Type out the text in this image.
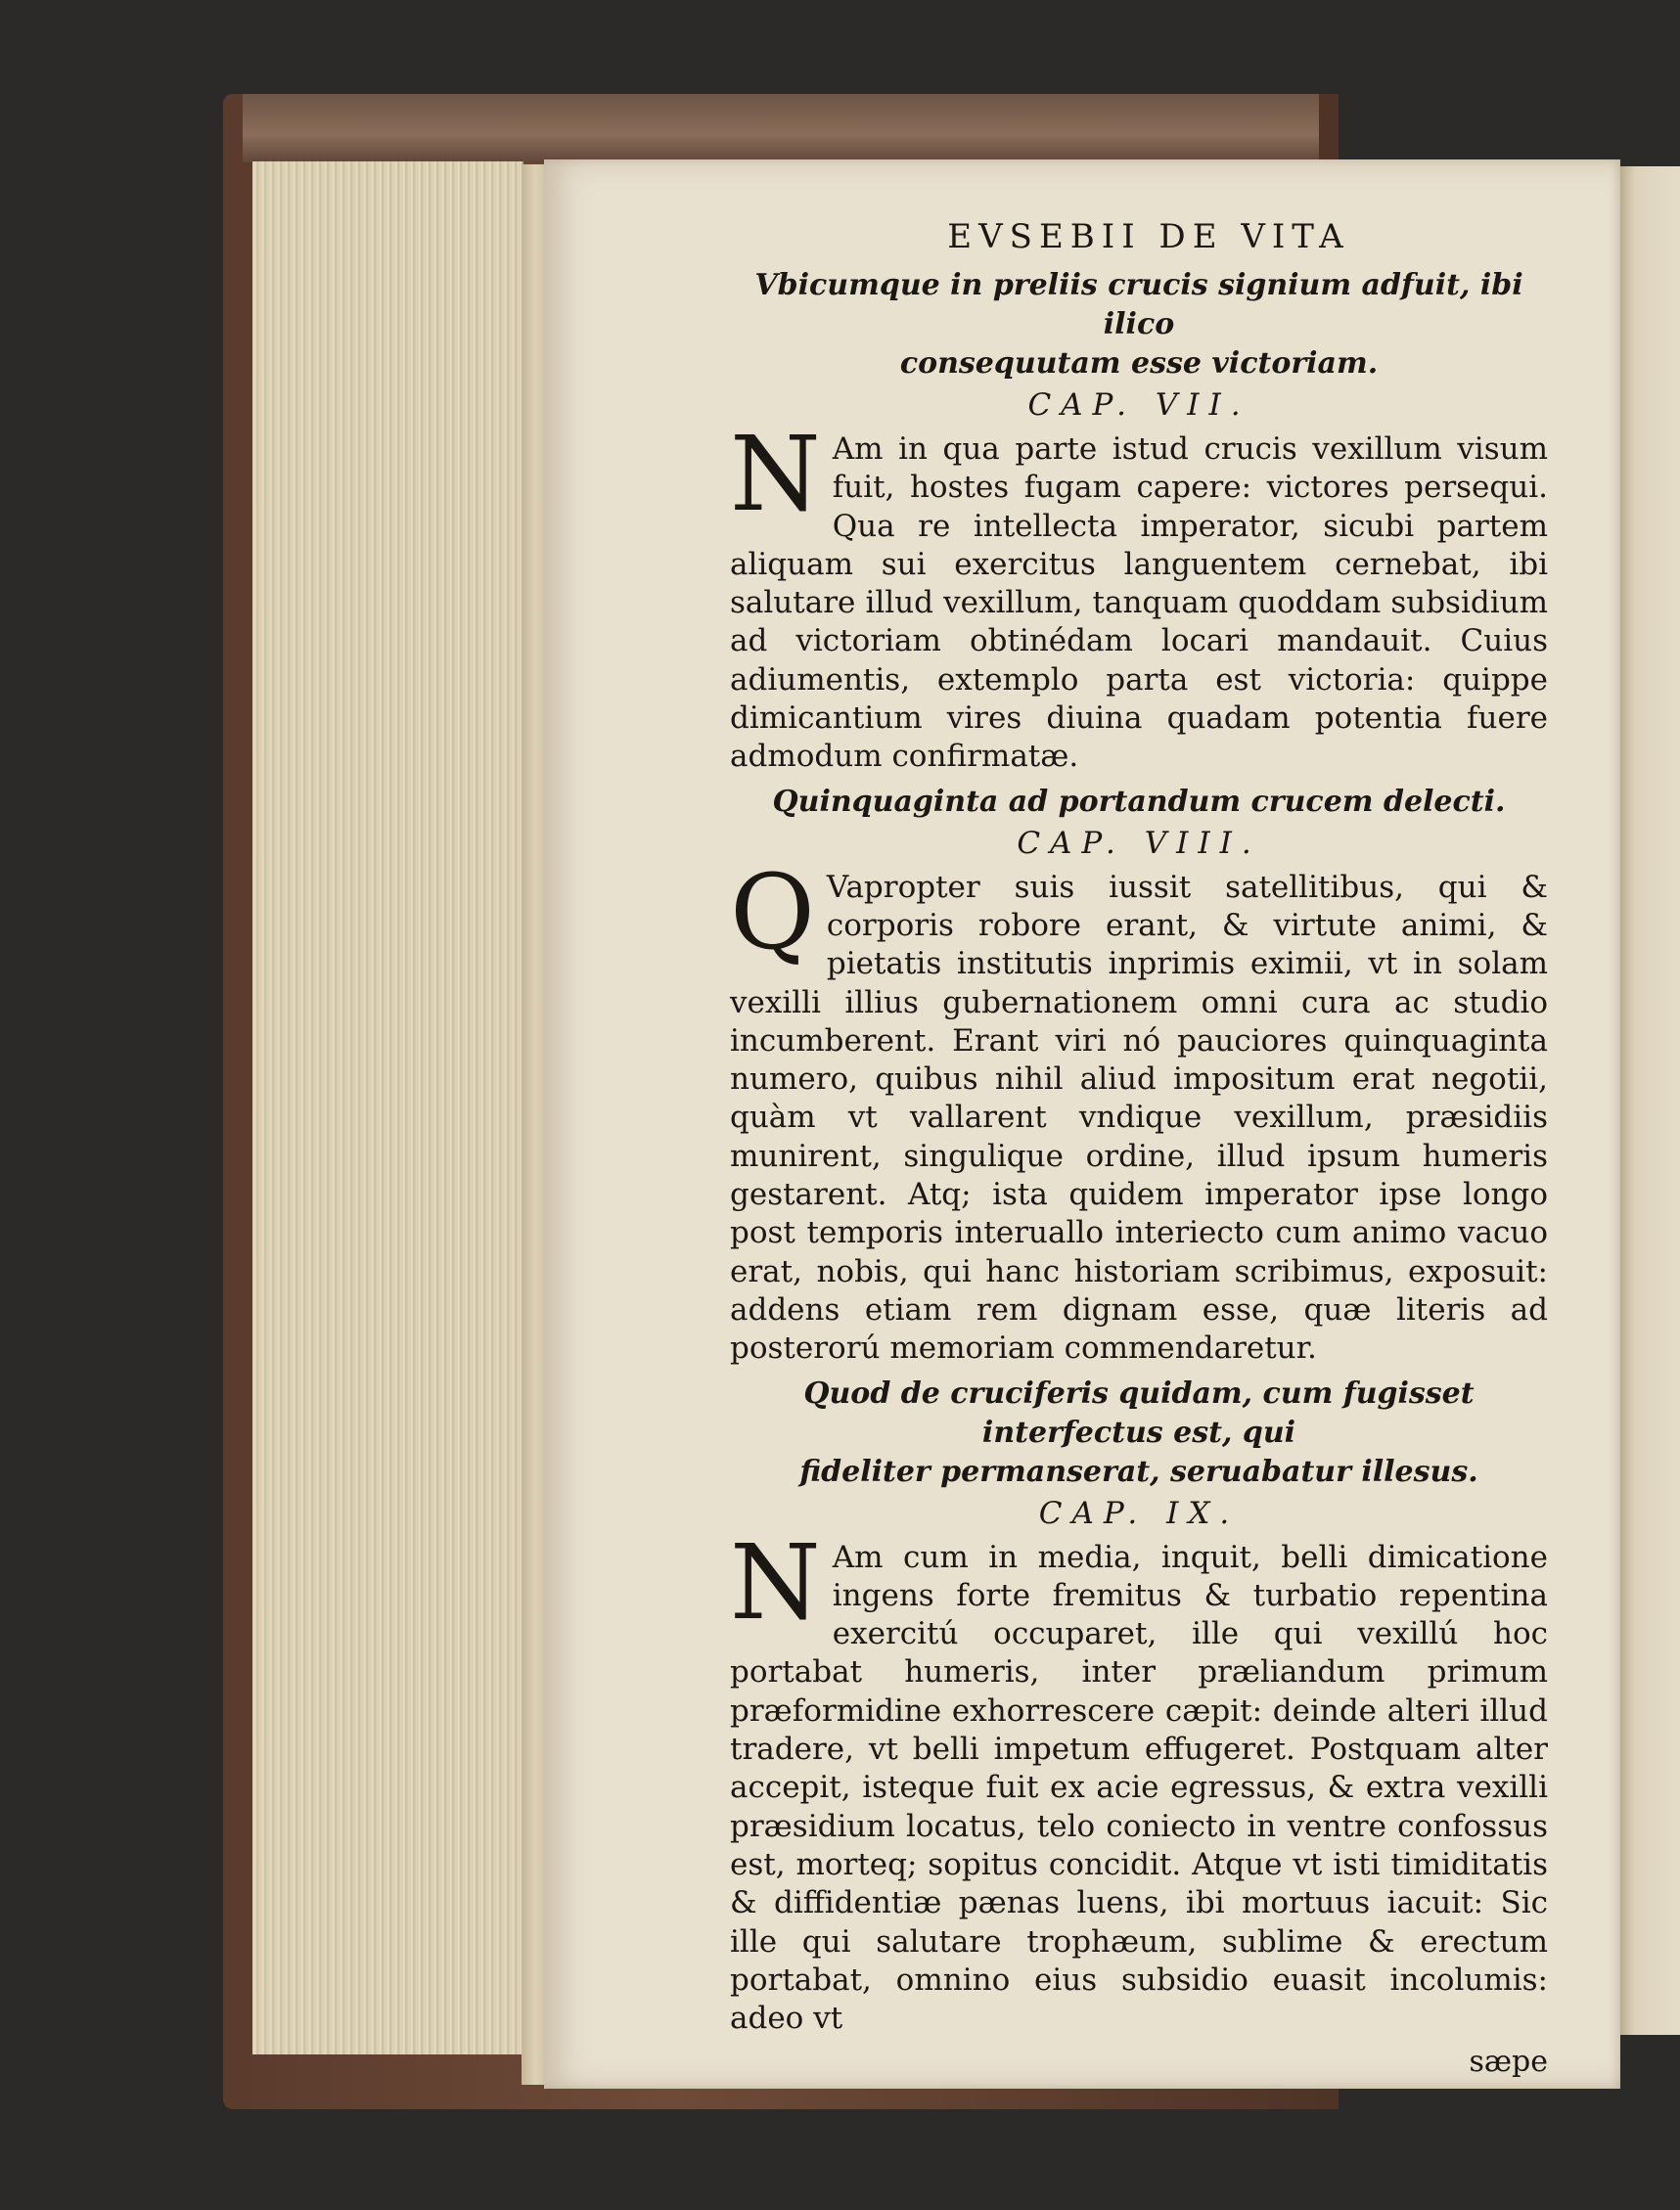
EVSEBII DE VITA

Vbicumque in preliis crucis signium adfuit, ibi ilico

consequutam esse victoriam.

CAP. VII.

N Am in qua parte istud crucis vexillum visum fuit, hostes fugam capere: victores persequi. Qua re intellecta imperator, sicubi partem aliquam sui exercitus languentem cernebat, ibi salutare illud vexillum, tanquam quoddam subsidium ad victoriam obtinédam locari mandauit. Cuius adiumentis, extemplo parta est victoria: quippe dimicantium vires diuina quadam potentia fuere admodum confirmatæ.

Quinquaginta ad portandum crucem delecti.

CAP. VIII.

Q Vapropter suis iussit satellitibus, qui & corporis robore erant, & virtute animi, & pietatis institutis inprimis eximii, vt in solam vexilli illius gubernationem omni cura ac studio incumberent. Erant viri nó pauciores quinquaginta numero, quibus nihil aliud impositum erat negotii, quàm vt vallarent vndique vexillum, præsidiis munirent, singulique ordine, illud ipsum humeris gestarent. Atq; ista quidem imperator ipse longo post temporis interuallo interiecto cum animo vacuo erat, nobis, qui hanc historiam scribimus, exposuit: addens etiam rem dignam esse, quæ literis ad posterorú memoriam commendaretur.

Quod de cruciferis quidam, cum fugisset interfectus est, qui

fideliter permanserat, seruabatur illesus.

CAP. IX.

N Am cum in media, inquit, belli dimicatione ingens forte fremitus & turbatio repentina exercitú occuparet, ille qui vexillú hoc portabat humeris, inter præliandum primum præformidine exhorrescere cæpit: deinde alteri illud tradere, vt belli impetum effugeret. Postquam alter accepit, isteque fuit ex acie egressus, & extra vexilli præsidium locatus, telo coniecto in ventre confossus est, morteq; sopitus concidit. Atque vt isti timiditatis & diffidentiæ pænas luens, ibi mortuus iacuit: Sic ille qui salutare trophæum, sublime & erectum portabat, omnino eius subsidio euasit incolumis: adeo vt

sæpe
